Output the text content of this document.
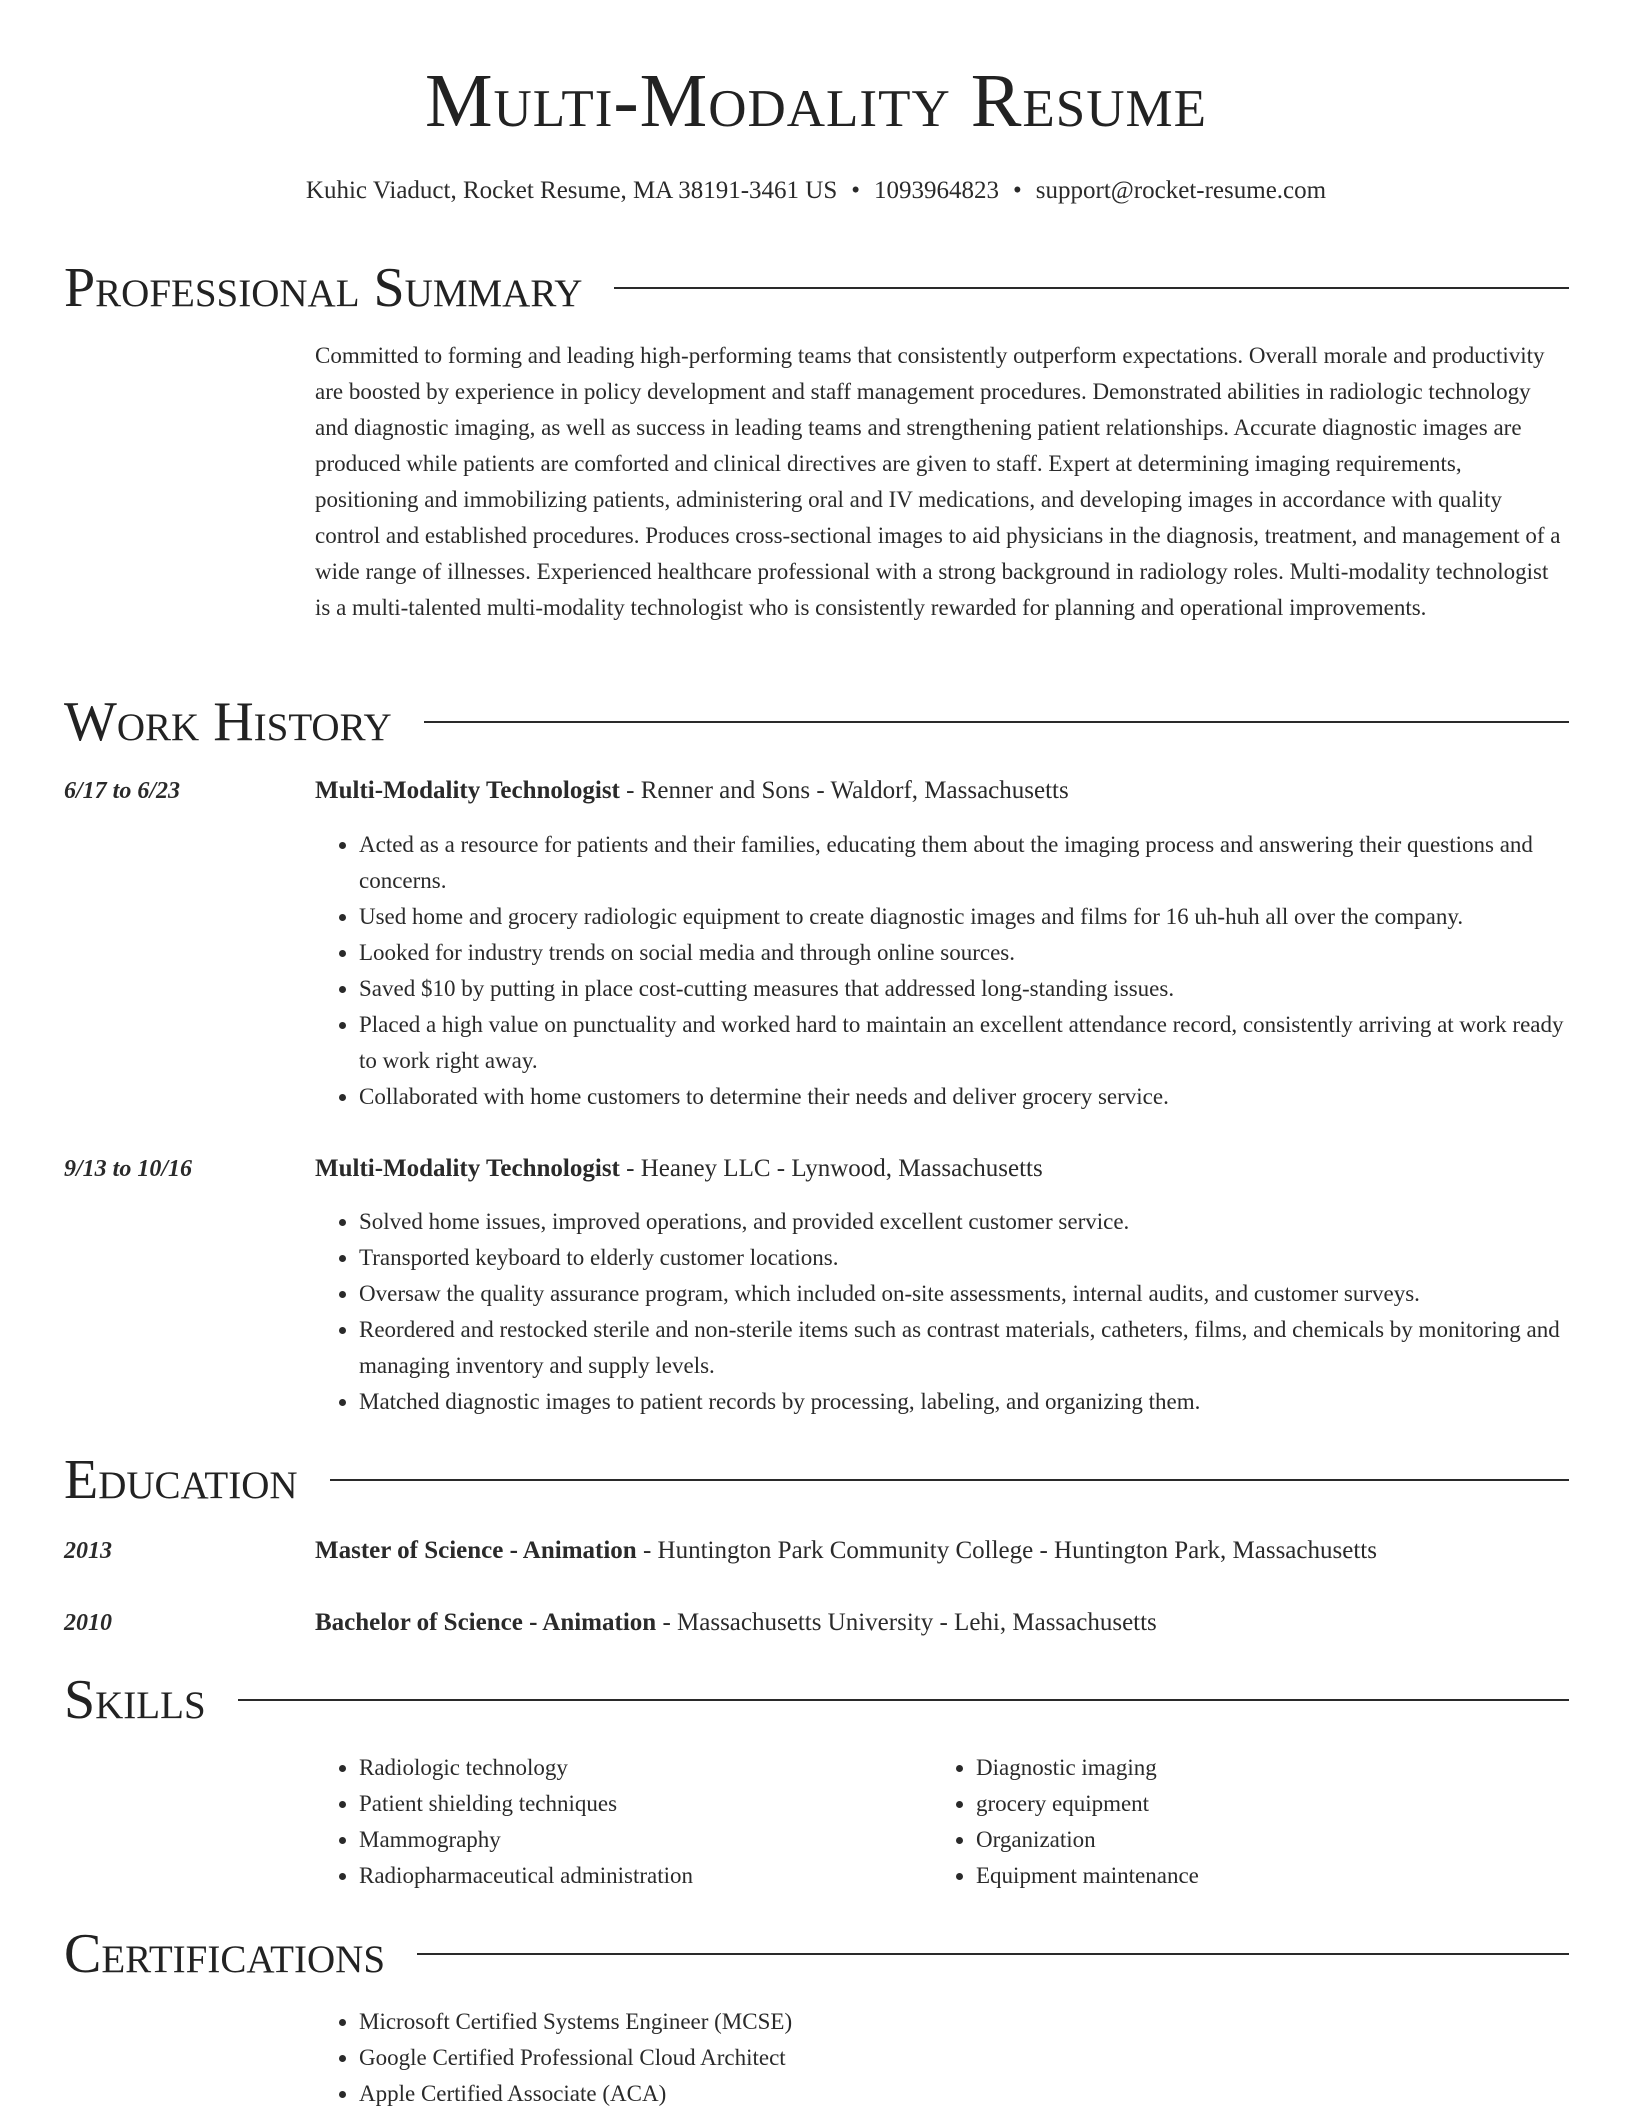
Multi-Modality Resume
Kuhic Viaduct, Rocket Resume, MA 38191-3461 US • 1093964823 • support@rocket-resume.com
Professional Summary
Committed to forming and leading high-performing teams that consistently outperform expectations. Overall morale and productivity are boosted by experience in policy development and staff management procedures. Demonstrated abilities in radiologic technology and diagnostic imaging, as well as success in leading teams and strengthening patient relationships. Accurate diagnostic images are produced while patients are comforted and clinical directives are given to staff. Expert at determining imaging requirements, positioning and immobilizing patients, administering oral and IV medications, and developing images in accordance with quality control and established procedures. Produces cross-sectional images to aid physicians in the diagnosis, treatment, and management of a wide range of illnesses. Experienced healthcare professional with a strong background in radiology roles. Multi-modality technologist is a multi-talented multi-modality technologist who is consistently rewarded for planning and operational improvements.
Work History
6/17 to 6/23	Multi-Modality Technologist - Renner and Sons - Waldorf, Massachusetts
• Acted as a resource for patients and their families, educating them about the imaging process and answering their questions and concerns.
• Used home and grocery radiologic equipment to create diagnostic images and films for 16 uh-huh all over the company.
• Looked for industry trends on social media and through online sources.
• Saved $10 by putting in place cost-cutting measures that addressed long-standing issues.
• Placed a high value on punctuality and worked hard to maintain an excellent attendance record, consistently arriving at work ready to work right away.
• Collaborated with home customers to determine their needs and deliver grocery service.
9/13 to 10/16	Multi-Modality Technologist - Heaney LLC - Lynwood, Massachusetts
• Solved home issues, improved operations, and provided excellent customer service.
• Transported keyboard to elderly customer locations.
• Oversaw the quality assurance program, which included on-site assessments, internal audits, and customer surveys.
• Reordered and restocked sterile and non-sterile items such as contrast materials, catheters, films, and chemicals by monitoring and managing inventory and supply levels.
• Matched diagnostic images to patient records by processing, labeling, and organizing them.
Education
2013	Master of Science - Animation - Huntington Park Community College - Huntington Park, Massachusetts
2010	Bachelor of Science - Animation - Massachusetts University - Lehi, Massachusetts
Skills
• Radiologic technology
• Patient shielding techniques
• Mammography
• Radiopharmaceutical administration
• Diagnostic imaging
• grocery equipment
• Organization
• Equipment maintenance
Certifications
• Microsoft Certified Systems Engineer (MCSE)
• Google Certified Professional Cloud Architect
• Apple Certified Associate (ACA)
